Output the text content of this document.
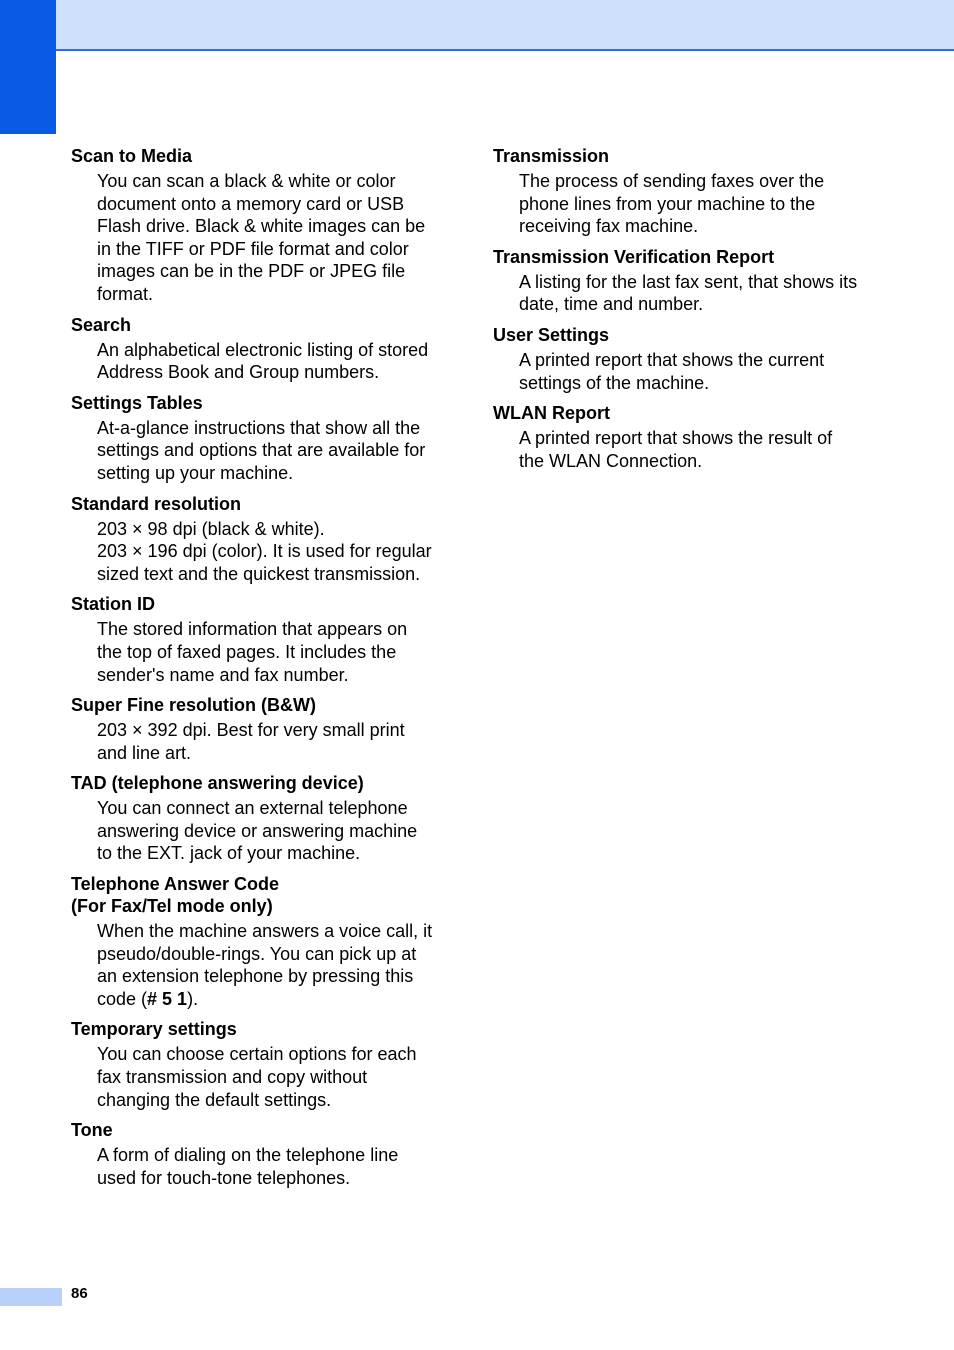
Scan to Media
You can scan a black & white or color
document onto a memory card or USB
Flash drive. Black & white images can be
in the TIFF or PDF file format and color
images can be in the PDF or JPEG file
format.
Search
An alphabetical electronic listing of stored
Address Book and Group numbers.
Settings Tables
At-a-glance instructions that show all the
settings and options that are available for
setting up your machine.
Standard resolution
203 × 98 dpi (black & white).
203 × 196 dpi (color). It is used for regular
sized text and the quickest transmission.
Station ID
The stored information that appears on
the top of faxed pages. It includes the
sender's name and fax number.
Super Fine resolution (B&W)
203 × 392 dpi. Best for very small print
and line art.
TAD (telephone answering device)
You can connect an external telephone
answering device or answering machine
to the EXT. jack of your machine.
Telephone Answer Code
(For Fax/Tel mode only)
When the machine answers a voice call, it
pseudo/double-rings. You can pick up at
an extension telephone by pressing this
code (# 5 1).
Temporary settings
You can choose certain options for each
fax transmission and copy without
changing the default settings.
Tone
A form of dialing on the telephone line
used for touch-tone telephones.
Transmission
The process of sending faxes over the
phone lines from your machine to the
receiving fax machine.
Transmission Verification Report
A listing for the last fax sent, that shows its
date, time and number.
User Settings
A printed report that shows the current
settings of the machine.
WLAN Report
A printed report that shows the result of
the WLAN Connection.
86
